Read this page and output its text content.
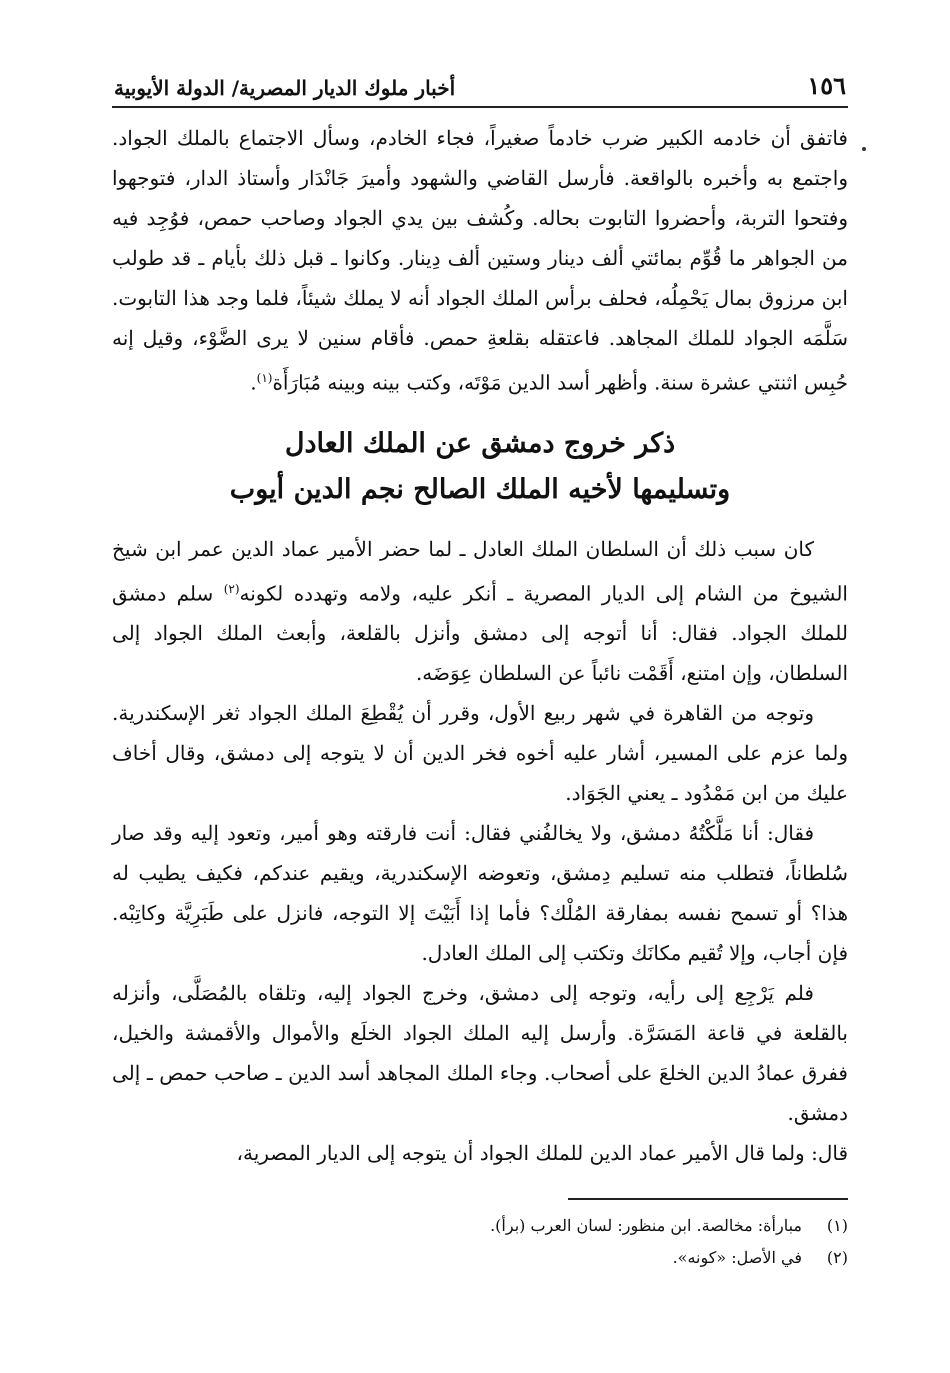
١٥٦
أخبار ملوك الديار المصرية/ الدولة الأيوبية

فاتفق أن خادمه الكبير ضرب خادماً صغيراً، فجاء الخادم، وسأل الاجتماع بالملك الجواد. واجتمع به وأخبره بالواقعة. فأرسل القاضي والشهود وأميرَ جَانْدَار وأستاذ الدار، فتوجهوا وفتحوا التربة، وأحضروا التابوت بحاله. وكُشف بين يدي الجواد وصاحب حمص، فوُجِد فيه من الجواهر ما قُوِّم بمائتي ألف دينار وستين ألف دِينار. وكانوا ـ قبل ذلك بأيام ـ قد طولب ابن مرزوق بمال يَحْمِلُه، فحلف برأس الملك الجواد أنه لا يملك شيئاً، فلما وجد هذا التابوت. سَلَّمَه الجواد للملك المجاهد. فاعتقله بقلعةِ حمص. فأقام سنين لا يرى الضَّوْء، وقيل إنه حُبِس اثنتي عشرة سنة. وأظهر أسد الدين مَوْتَه، وكتب بينه وبينه مُبَارَأَة$^{(١)}$.

ذكر خروج دمشق عن الملك العادل
وتسليمها لأخيه الملك الصالح نجم الدين أيوب

كان سبب ذلك أن السلطان الملك العادل ـ لما حضر الأمير عماد الدين عمر ابن شيخ الشيوخ من الشام إلى الديار المصرية ـ أنكر عليه، ولامه وتهدده لكونه$^{(٢)}$ سلم دمشق للملك الجواد. فقال: أنا أتوجه إلى دمشق وأنزل بالقلعة، وأبعث الملك الجواد إلى السلطان، وإن امتنع، أَقَمْت نائباً عن السلطان عِوَضَه.

وتوجه من القاهرة في شهر ربيع الأول، وقرر أن يُقْطِعَ الملك الجواد ثغر الإسكندرية. ولما عزم على المسير، أشار عليه أخوه فخر الدين أن لا يتوجه إلى دمشق، وقال أخاف عليك من ابن مَمْدُود ـ يعني الجَوَاد.

فقال: أنا مَلَّكْتُهُ دمشق، ولا يخالفُني فقال: أنت فارقته وهو أمير، وتعود إليه وقد صار سُلطاناً، فتطلب منه تسليم دِمشق، وتعوضه الإسكندرية، ويقيم عندكم، فكيف يطيب له هذا؟ أو تسمح نفسه بمفارقة المُلْك؟ فأما إذا أَبَيْتَ إلا التوجه، فانزل على طَبَرِيَّة وكاتِبْه. فإن أجاب، وإلا تُقيم مكانَك وتكتب إلى الملك العادل.

فلم يَرْجِع إلى رأيه، وتوجه إلى دمشق، وخرج الجواد إليه، وتلقاه بالمُصَلَّى، وأنزله بالقلعة في قاعة المَسَرَّة. وأرسل إليه الملك الجواد الخلَع والأموال والأقمشة والخيل، ففرق عمادُ الدين الخلعَ على أصحاب. وجاء الملك المجاهد أسد الدين ـ صاحب حمص ـ إلى دمشق.

قال: ولما قال الأمير عماد الدين للملك الجواد أن يتوجه إلى الديار المصرية،

(١)
مبارأة: مخالصة. ابن منظور: لسان العرب (برأ).
(٢)
في الأصل: «كونه».
